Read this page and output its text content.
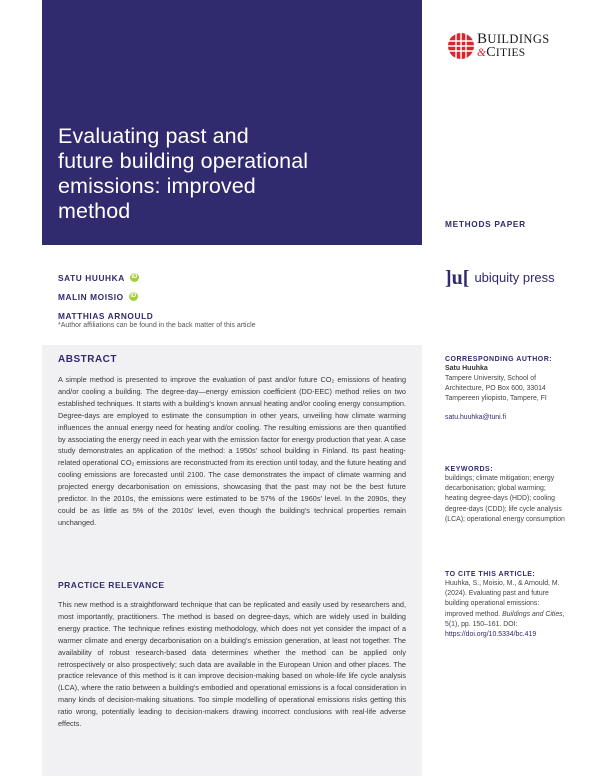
Evaluating past and
future building operational
emissions: improved
method
BUILDINGS
&CITIES
METHODS PAPER
SATU HUUHKA iD
MALIN MOISIO iD
MATTHIAS ARNOULD
*Author affiliations can be found in the back matter of this article
]u[ ubiquity press
ABSTRACT

A simple method is presented to improve the evaluation of past and/or future CO₂ emissions of heating and/or cooling a building. The degree-day—energy emission coefficient (DD-EEC) method relies on two established techniques. It starts with a building's known annual heating and/or cooling energy consumption. Degree-days are employed to estimate the consumption in other years, unveiling how climate warming influences the annual energy need for heating and/or cooling. The resulting emissions are then quantified by associating the energy need in each year with the emission factor for energy production that year. A case study demonstrates an application of the method: a 1950s' school building in Finland. Its past heating-related operational CO₂ emissions are reconstructed from its erection until today, and the future heating and cooling emissions are forecasted until 2100. The case demonstrates the impact of climate warming and projected energy decarbonisation on emissions, showcasing that the past may not be the best future predictor. In the 2010s, the emissions were estimated to be 57% of the 1960s' level. In the 2090s, they could be as little as 5% of the 2010s' level, even though the building's technical properties remain unchanged.

PRACTICE RELEVANCE

This new method is a straightforward technique that can be replicated and easily used by researchers and, most importantly, practitioners. The method is based on degree-days, which are widely used in building energy practice. The technique refines existing methodology, which does not yet consider the impact of a warmer climate and energy decarbonisation on a building's emission generation, at least not together. The availability of robust research-based data determines whether the method can be applied only retrospectively or also prospectively; such data are available in the European Union and other places. The practice relevance of this method is it can improve decision-making based on whole-life life cycle analysis (LCA), where the ratio between a building's embodied and operational emissions is a focal consideration in many kinds of decision-making situations. Too simple modelling of operational emissions risks getting this ratio wrong, potentially leading to decision-makers drawing incorrect conclusions with real-life adverse effects.

CORRESPONDING AUTHOR:
Satu Huuhka
Tampere University, School of Architecture, PO Box 600, 33014 Tampereen yliopisto, Tampere, FI
satu.huuhka@tuni.fi
KEYWORDS:
buildings; climate mitigation; energy decarbonisation; global warming; heating degree-days (HDD); cooling degree-days (CDD); life cycle analysis (LCA); operational energy consumption
TO CITE THIS ARTICLE:
Huuhka, S., Moisio, M., & Arnould, M. (2024). Evaluating past and future building operational emissions: improved method. Buildings and Cities, 5(1), pp. 150–161. DOI:
https://doi.org/10.5334/bc.419
